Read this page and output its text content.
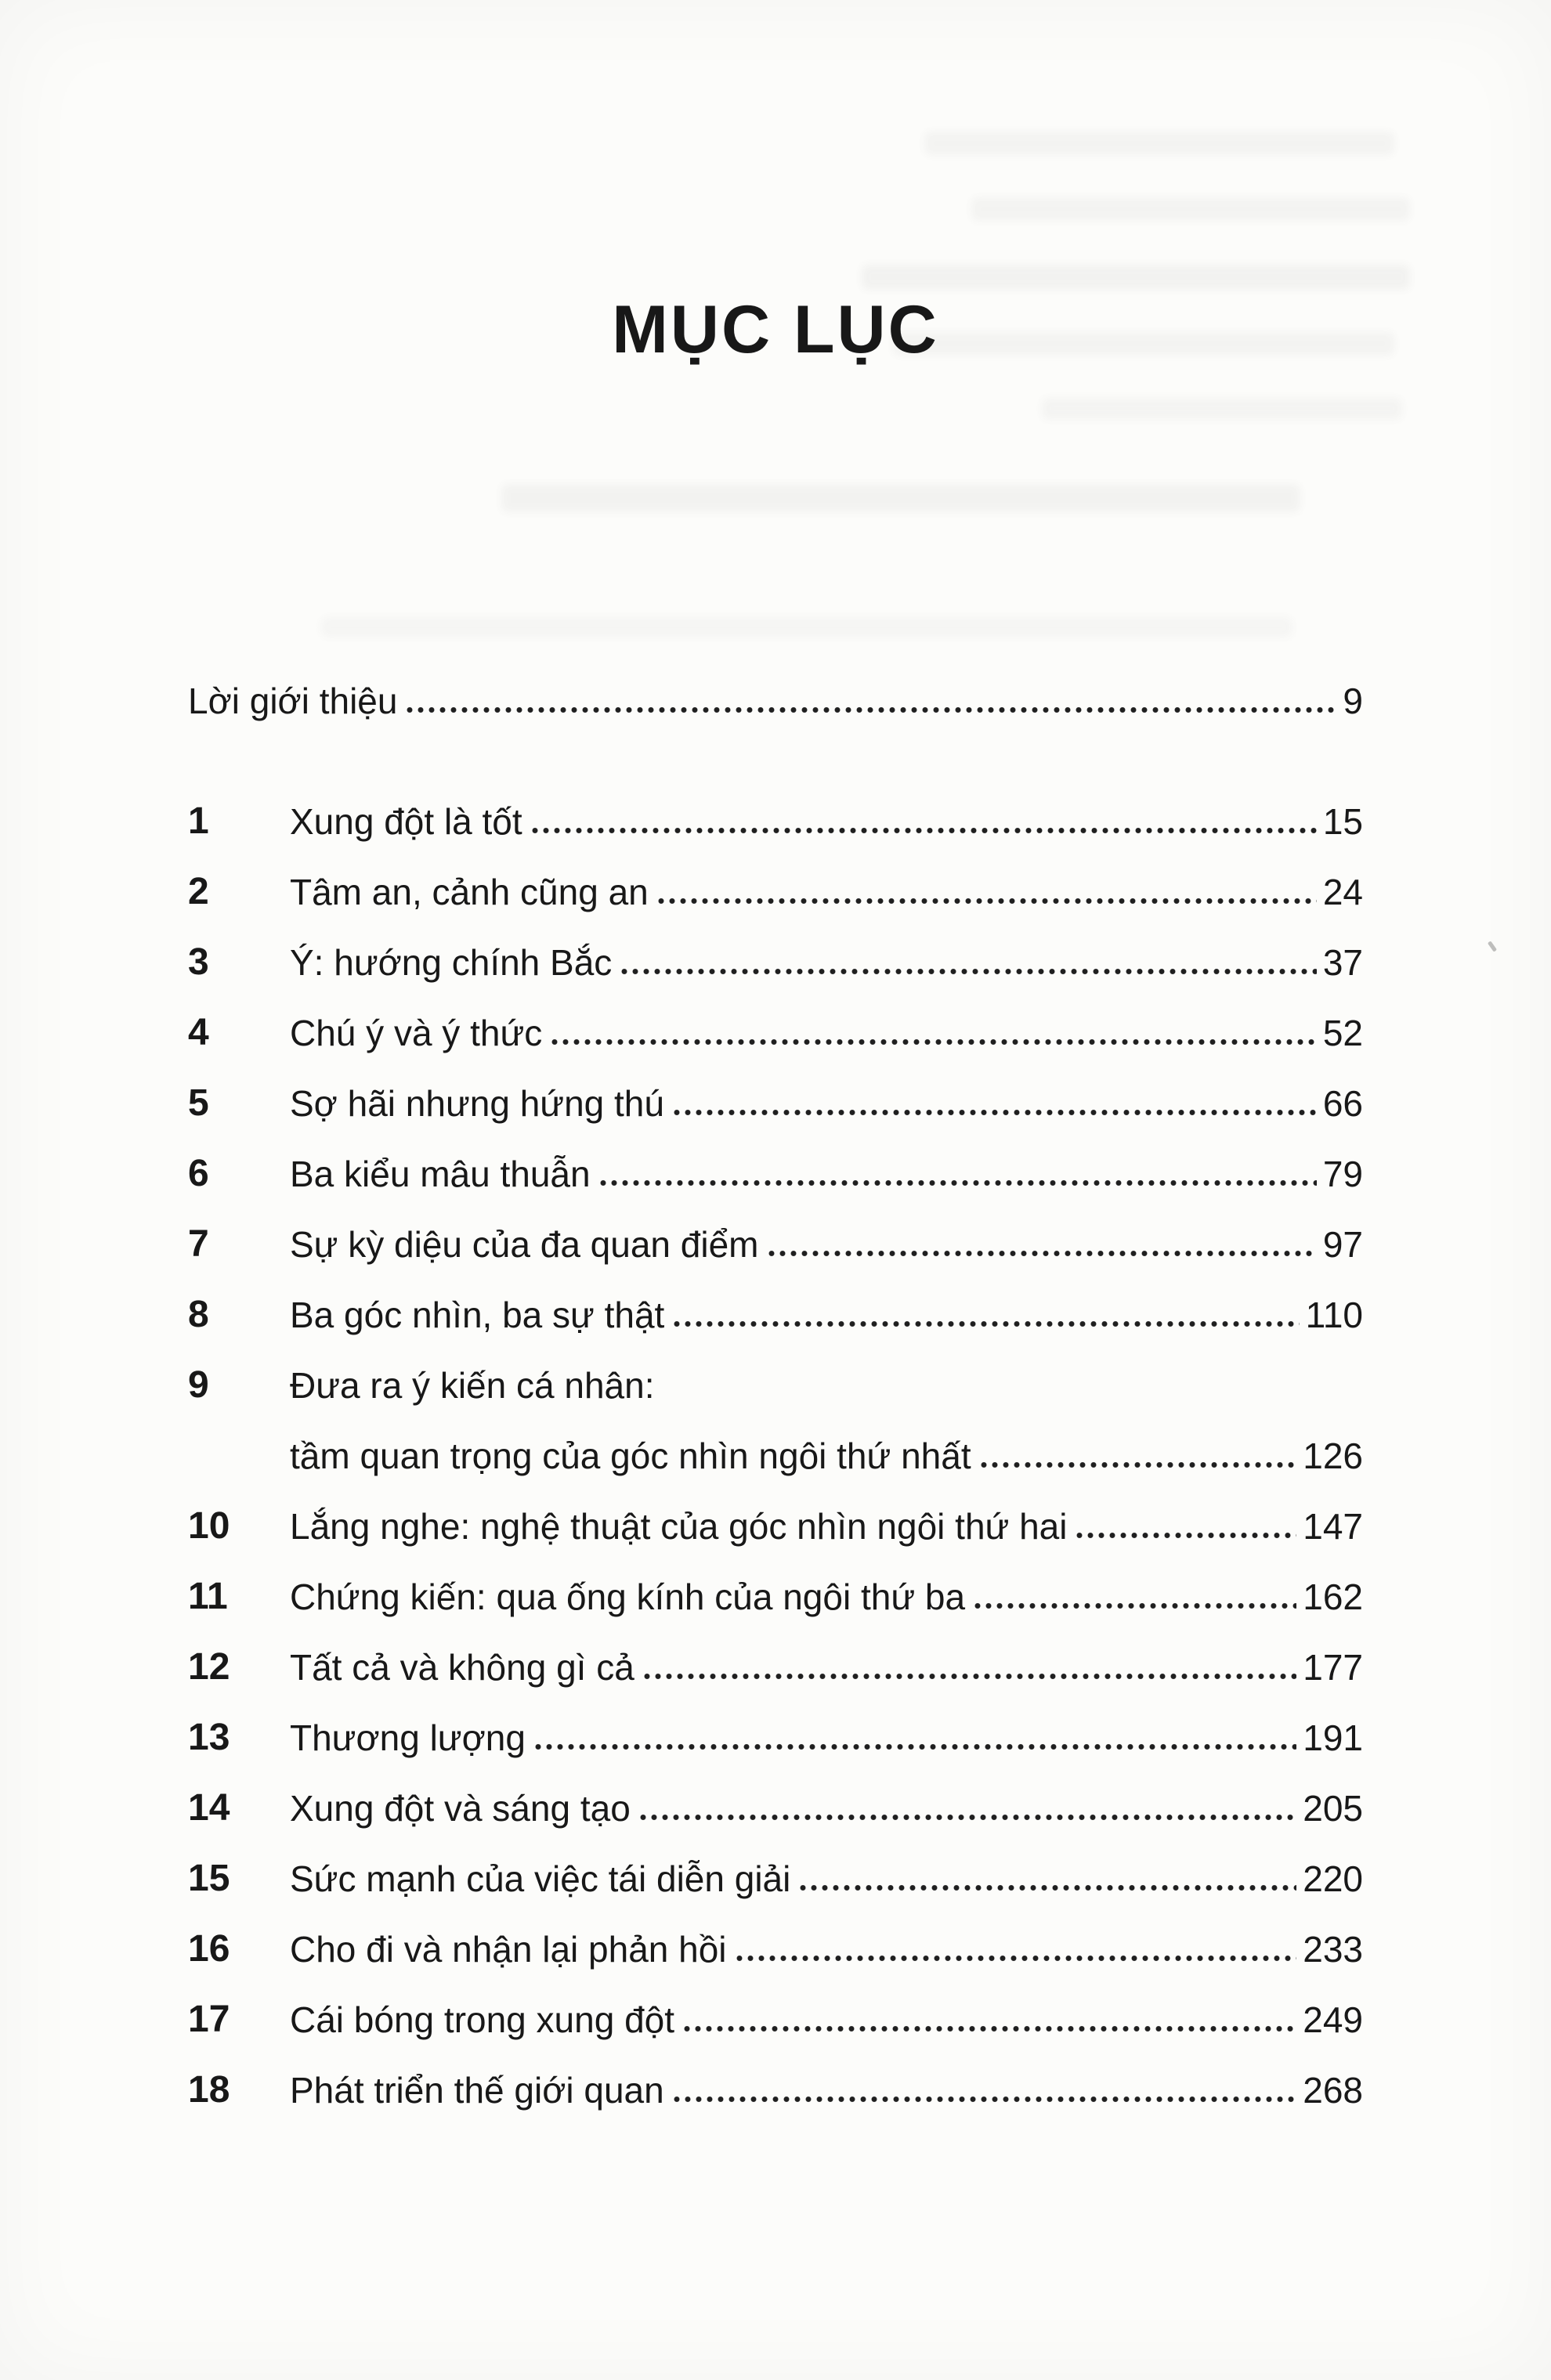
MỤC LỤC
Lời giới thiệu	9
1	Xung đột là tốt	15
2	Tâm an, cảnh cũng an	24
3	Ý: hướng chính Bắc	37
4	Chú ý và ý thức	52
5	Sợ hãi nhưng hứng thú	66
6	Ba kiểu mâu thuẫn	79
7	Sự kỳ diệu của đa quan điểm	97
8	Ba góc nhìn, ba sự thật	110
9	Đưa ra ý kiến cá nhân:
tầm quan trọng của góc nhìn ngôi thứ nhất	126
10	Lắng nghe: nghệ thuật của góc nhìn ngôi thứ hai	147
11	Chứng kiến: qua ống kính của ngôi thứ ba	162
12	Tất cả và không gì cả	177
13	Thương lượng	191
14	Xung đột và sáng tạo	205
15	Sức mạnh của việc tái diễn giải	220
16	Cho đi và nhận lại phản hồi	233
17	Cái bóng trong xung đột	249
18	Phát triển thế giới quan	268
